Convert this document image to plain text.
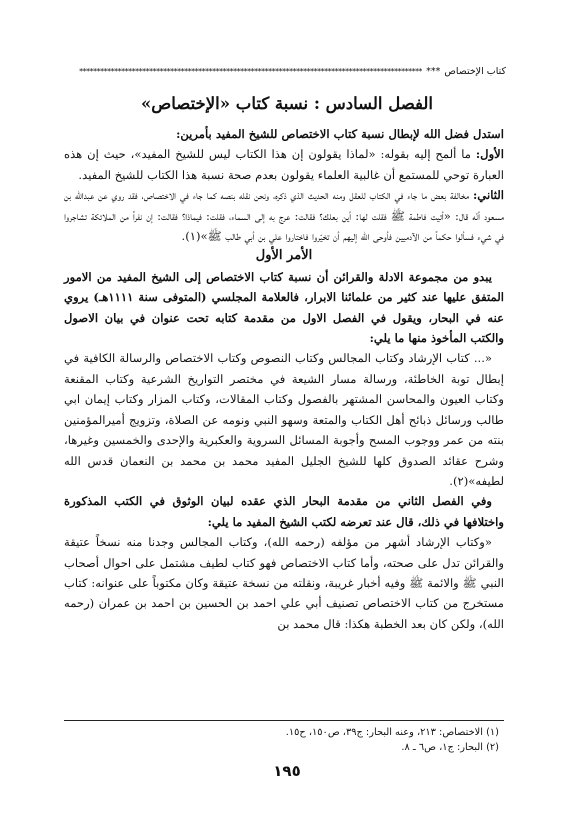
كتاب الإختصاص
***
**************************************************************************************************
الفصل السادس : نسبة كتاب «الإختصاص»

استدل فضل الله لإبطال نسبة كتاب الاختصاص للشيخ المفيد بأمرين:

الأول: ما ألمح إليه بقوله: «لماذا يقولون إن هذا الكتاب ليس للشيخ المفيد»، حيث إن هذه العبارة توحي للمستمع أن غالبية العلماء يقولون بعدم صحة نسبة هذا الكتاب للشيخ المفيد.

الثاني: مخالفة بعض ما جاء في الكتاب للعقل ومنه الحديث الذي ذكره، ونحن نقله بنصه كما جاء في الاختصاص، فقد روي عن عبدالله بن مسعود أنّه قال: «أتيت فاطمة ﷺ فقلت لها: أين بعلك؟ فقالت: عرج به إلى السماء، فقلت: فيماذا؟ فقالت: إن نفراً من الملائكة تشاجروا في شيء فسألوا حكماً من الآدميين فأوحى الله إليهم أن تخيّروا فاختاروا علي بن أبي طالب ﷺ»(١).

الأمر الأول

يبدو من مجموعة الادلة والقرائن أن نسبة كتاب الاختصاص إلى الشيخ المفيد من الامور المتفق عليها عند كثير من علمائنا الابرار، فالعلامة المجلسي (المتوفى سنة ١١١١هـ) يروي عنه في البحار، ويقول في الفصل الاول من مقدمة كتابه تحت عنوان في بيان الاصول والكتب المأخوذ منها ما يلي:

«... كتاب الإرشاد وكتاب المجالس وكتاب النصوص وكتاب الاختصاص والرسالة الكافية في إبطال توبة الخاطئة، ورسالة مسار الشيعة في مختصر التواريخ الشرعية وكتاب المقنعة وكتاب العيون والمحاسن المشتهر بالفصول وكتاب المقالات، وكتاب المزار وكتاب إيمان ابي طالب ورسائل ذبائح أهل الكتاب والمتعة وسهو النبي ونومه عن الصلاة، وتزويج أميرالمؤمنين بنته من عمر ووجوب المسح وأجوبة المسائل السروية والعكبرية والإحدى والخمسين وغيرها، وشرح عقائد الصدوق كلها للشيخ الجليل المفيد محمد بن محمد بن النعمان قدس الله لطيفه»(٢).

وفي الفصل الثاني من مقدمة البحار الذي عقده لبيان الوثوق في الكتب المذكورة واختلافها في ذلك، قال عند تعرضه لكتب الشيخ المفيد ما يلي:

«وكتاب الإرشاد أشهر من مؤلفه (رحمه الله)، وكتاب المجالس وجدنا منه نسخاً عتيقة والقرائن تدل على صحته، وأما كتاب الاختصاص فهو كتاب لطيف مشتمل على احوال أصحاب النبي ﷺ والائمة ﷺ وفيه أخبار غريبة، ونقلته من نسخة عتيقة وكان مكتوباً على عنوانه: كتاب مستخرج من كتاب الاختصاص تصنيف أبي علي احمد بن الحسين بن احمد بن عمران (رحمه الله)، ولكن كان بعد الخطبة هكذا: قال محمد بن

(١) الاختصاص: ٢١٣، وعنه البحار: ج٣٩، ص١٥٠، ح١٥.

(٢) البحار: ج١، ص٦ ـ ٨.

١٩٥
